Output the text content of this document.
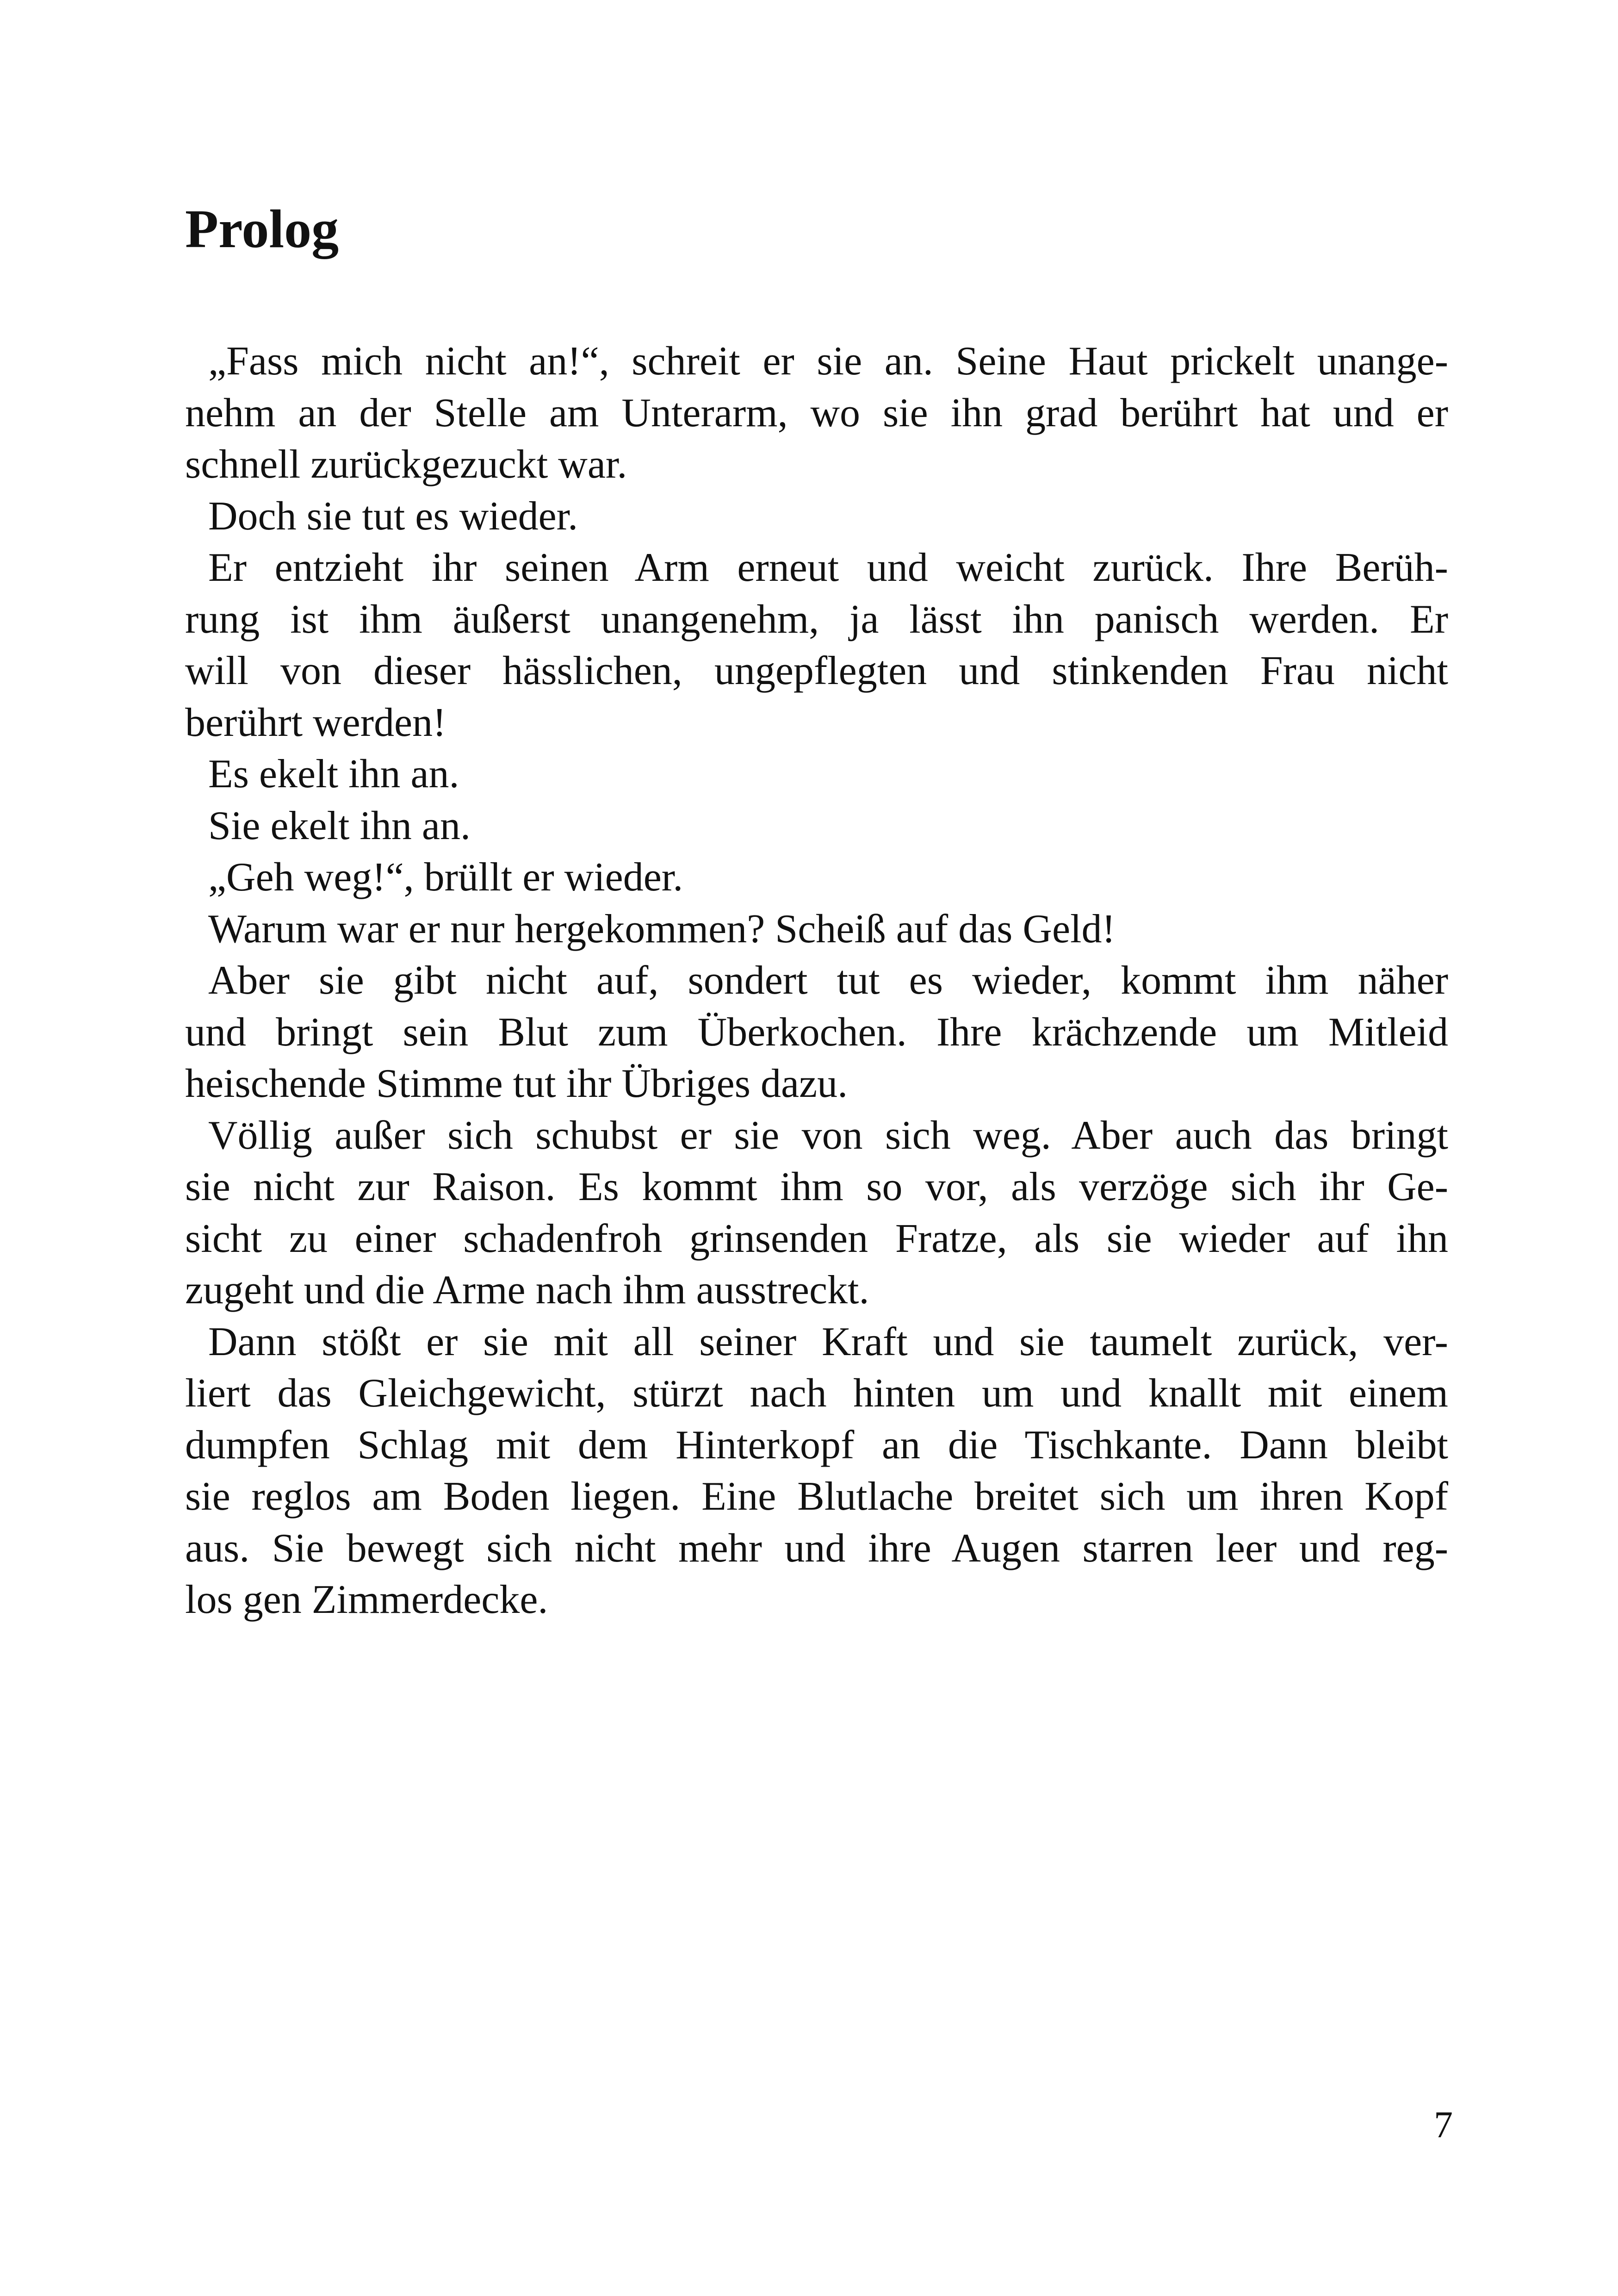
Prolog
„Fass mich nicht an!“, schreit er sie an. Seine Haut prickelt unange-
nehm an der Stelle am Unterarm, wo sie ihn grad berührt hat und er
schnell zurückgezuckt war.
Doch sie tut es wieder.
Er entzieht ihr seinen Arm erneut und weicht zurück. Ihre Berüh-
rung ist ihm äußerst unangenehm, ja lässt ihn panisch werden. Er
will von dieser hässlichen, ungepflegten und stinkenden Frau nicht
berührt werden!
Es ekelt ihn an.
Sie ekelt ihn an.
„Geh weg!“, brüllt er wieder.
Warum war er nur hergekommen? Scheiß auf das Geld!
Aber sie gibt nicht auf, sondert tut es wieder, kommt ihm näher
und bringt sein Blut zum Überkochen. Ihre krächzende um Mitleid
heischende Stimme tut ihr Übriges dazu.
Völlig außer sich schubst er sie von sich weg. Aber auch das bringt
sie nicht zur Raison. Es kommt ihm so vor, als verzöge sich ihr Ge-
sicht zu einer schadenfroh grinsenden Fratze, als sie wieder auf ihn
zugeht und die Arme nach ihm ausstreckt.
Dann stößt er sie mit all seiner Kraft und sie taumelt zurück, ver-
liert das Gleichgewicht, stürzt nach hinten um und knallt mit einem
dumpfen Schlag mit dem Hinterkopf an die Tischkante. Dann bleibt
sie reglos am Boden liegen. Eine Blutlache breitet sich um ihren Kopf
aus. Sie bewegt sich nicht mehr und ihre Augen starren leer und reg-
los gen Zimmerdecke.
7
